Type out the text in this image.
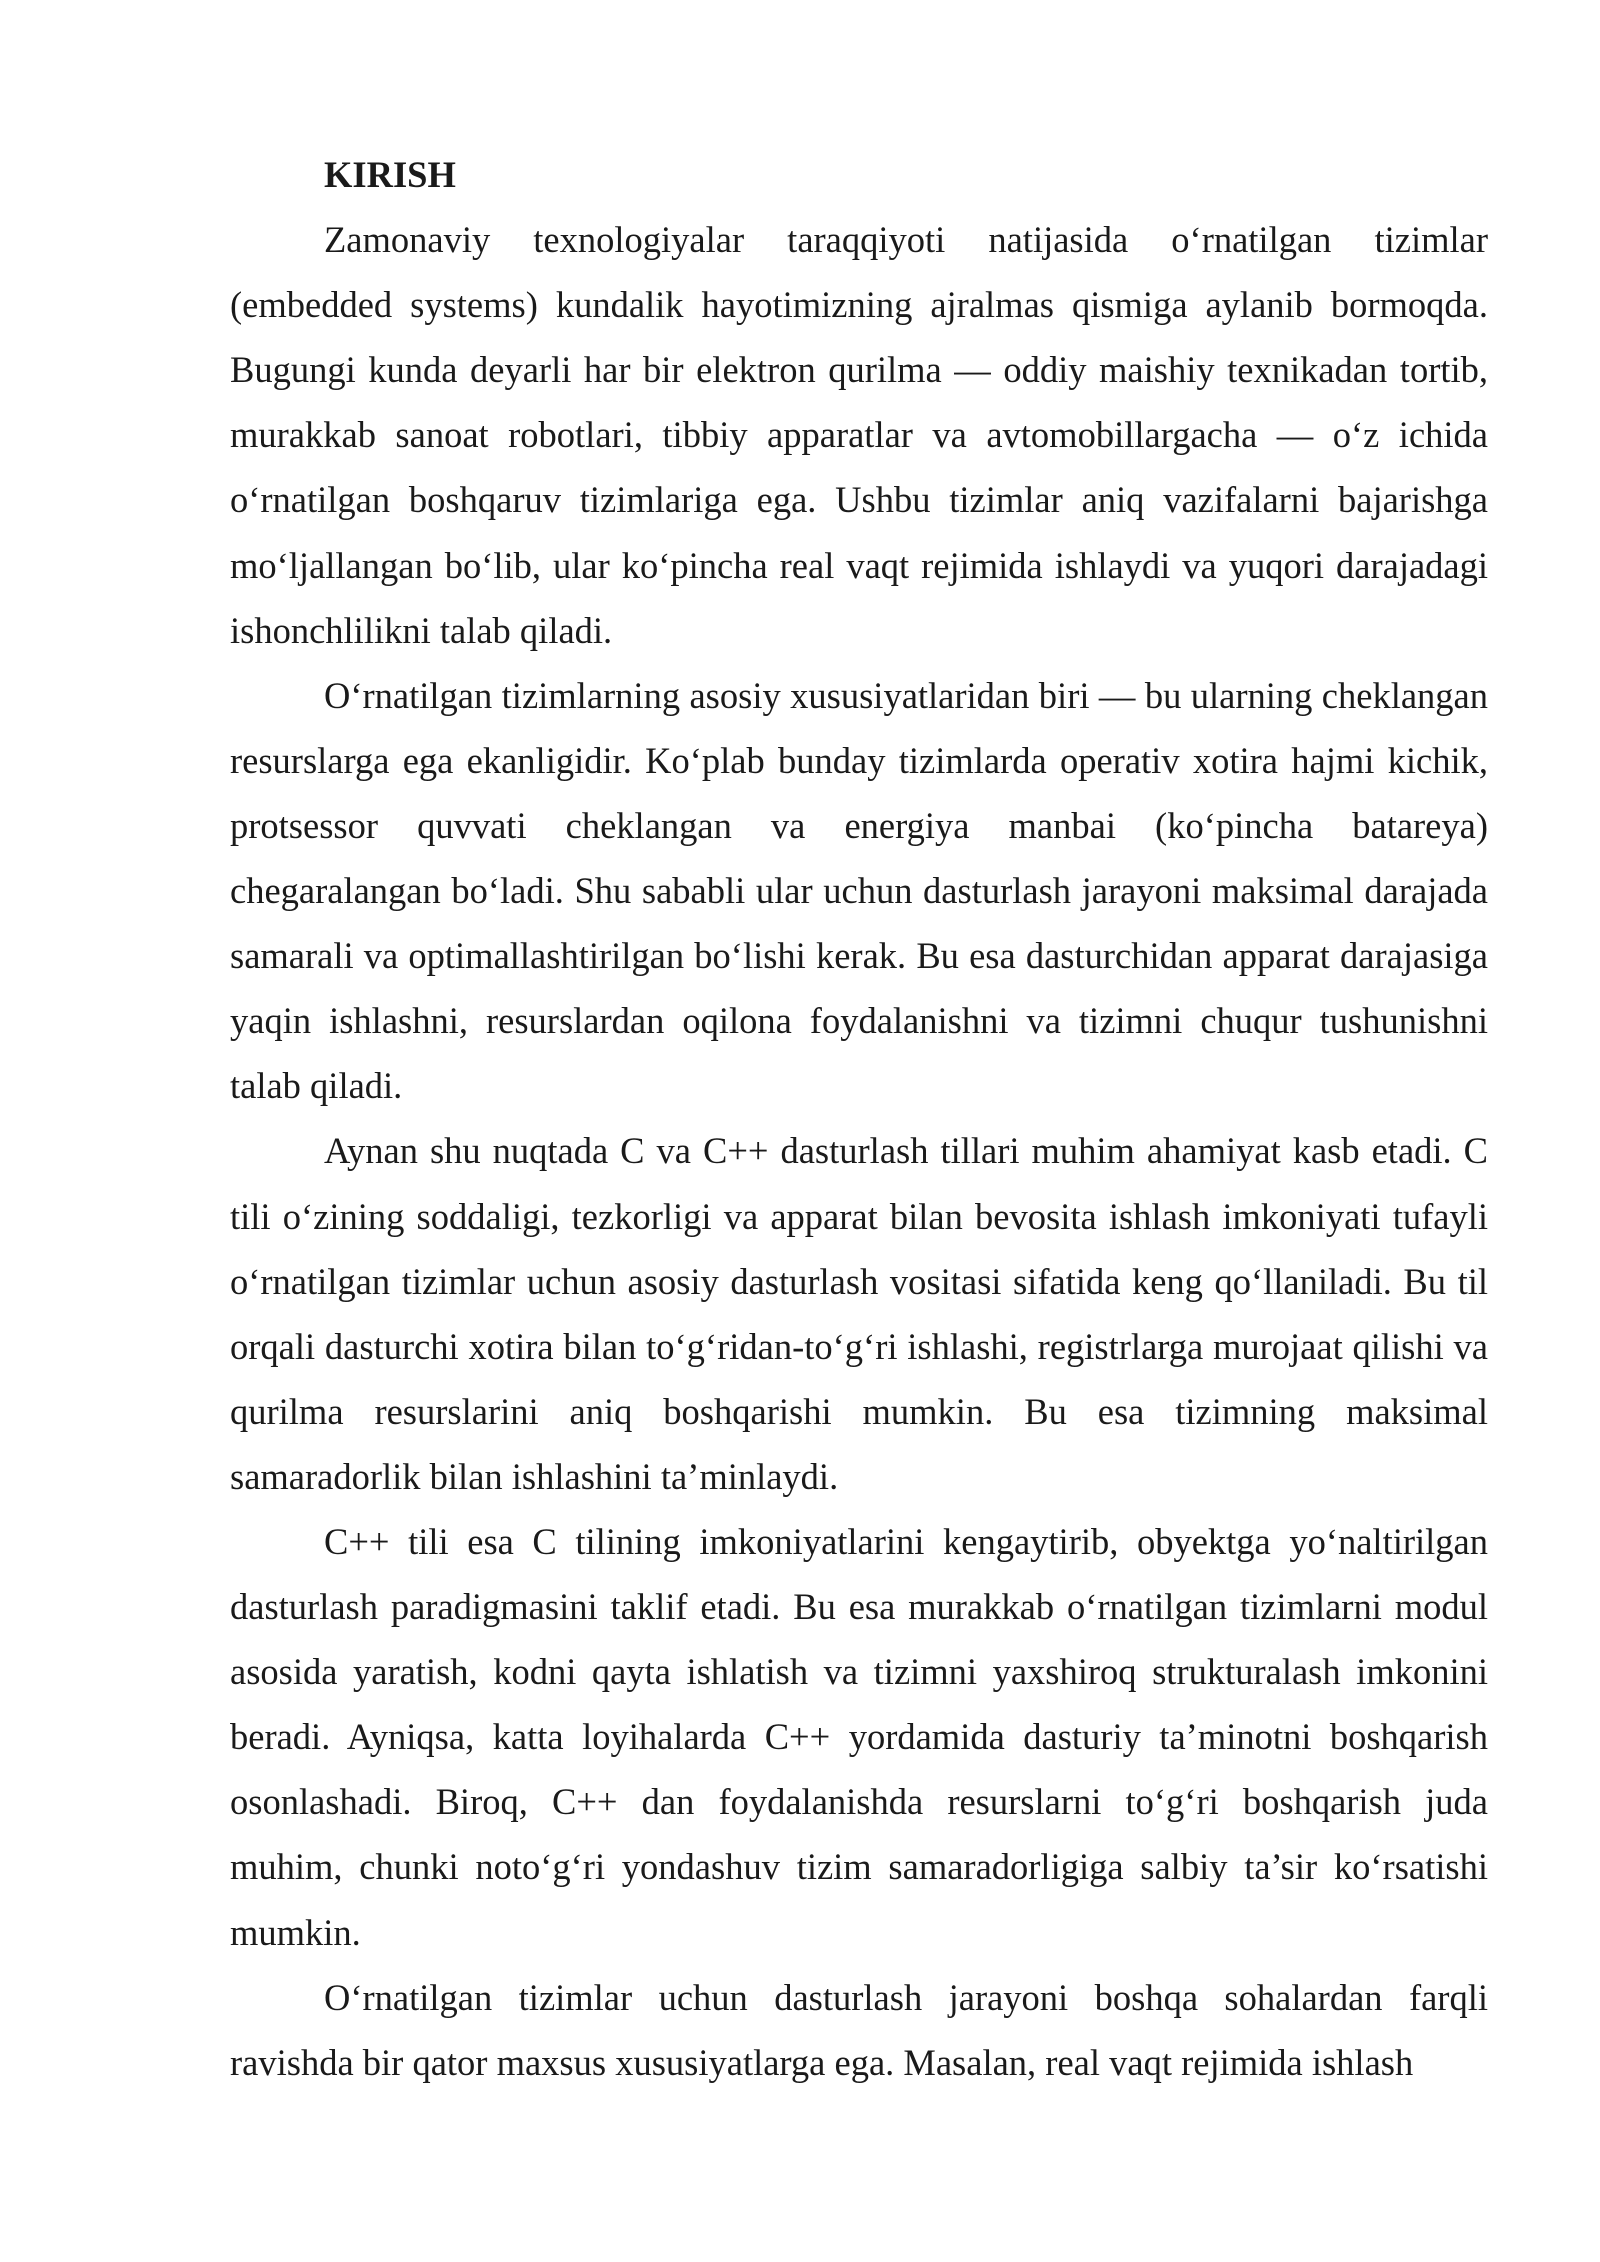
KIRISH

Zamonaviy texnologiyalar taraqqiyoti natijasida o‘rnatilgan tizimlar (embedded systems) kundalik hayotimizning ajralmas qismiga aylanib bormoqda. Bugungi kunda deyarli har bir elektron qurilma — oddiy maishiy texnikadan tortib, murakkab sanoat robotlari, tibbiy apparatlar va avtomobillargacha — o‘z ichida o‘rnatilgan boshqaruv tizimlariga ega. Ushbu tizimlar aniq vazifalarni bajarishga mo‘ljallangan bo‘lib, ular ko‘pincha real vaqt rejimida ishlaydi va yuqori darajadagi ishonchlilikni talab qiladi.

O‘rnatilgan tizimlarning asosiy xususiyatlaridan biri — bu ularning cheklangan resurslarga ega ekanligidir. Ko‘plab bunday tizimlarda operativ xotira hajmi kichik, protsessor quvvati cheklangan va energiya manbai (ko‘pincha batareya) chegaralangan bo‘ladi. Shu sababli ular uchun dasturlash jarayoni maksimal darajada samarali va optimallashtirilgan bo‘lishi kerak. Bu esa dasturchidan apparat darajasiga yaqin ishlashni, resurslardan oqilona foydalanishni va tizimni chuqur tushunishni talab qiladi.

Aynan shu nuqtada C va C++ dasturlash tillari muhim ahamiyat kasb etadi. C tili o‘zining soddaligi, tezkorligi va apparat bilan bevosita ishlash imkoniyati tufayli o‘rnatilgan tizimlar uchun asosiy dasturlash vositasi sifatida keng qo‘llaniladi. Bu til orqali dasturchi xotira bilan to‘g‘ridan-to‘g‘ri ishlashi, registrlarga murojaat qilishi va qurilma resurslarini aniq boshqarishi mumkin. Bu esa tizimning maksimal samaradorlik bilan ishlashini ta’minlaydi.

C++ tili esa C tilining imkoniyatlarini kengaytirib, obyektga yo‘naltirilgan dasturlash paradigmasini taklif etadi. Bu esa murakkab o‘rnatilgan tizimlarni modul asosida yaratish, kodni qayta ishlatish va tizimni yaxshiroq strukturalash imkonini beradi. Ayniqsa, katta loyihalarda C++ yordamida dasturiy ta’minotni boshqarish osonlashadi. Biroq, C++ dan foydalanishda resurslarni to‘g‘ri boshqarish juda muhim, chunki noto‘g‘ri yondashuv tizim samaradorligiga salbiy ta’sir ko‘rsatishi mumkin.

O‘rnatilgan tizimlar uchun dasturlash jarayoni boshqa sohalardan farqli ravishda bir qator maxsus xususiyatlarga ega. Masalan, real vaqt rejimida ishlash
